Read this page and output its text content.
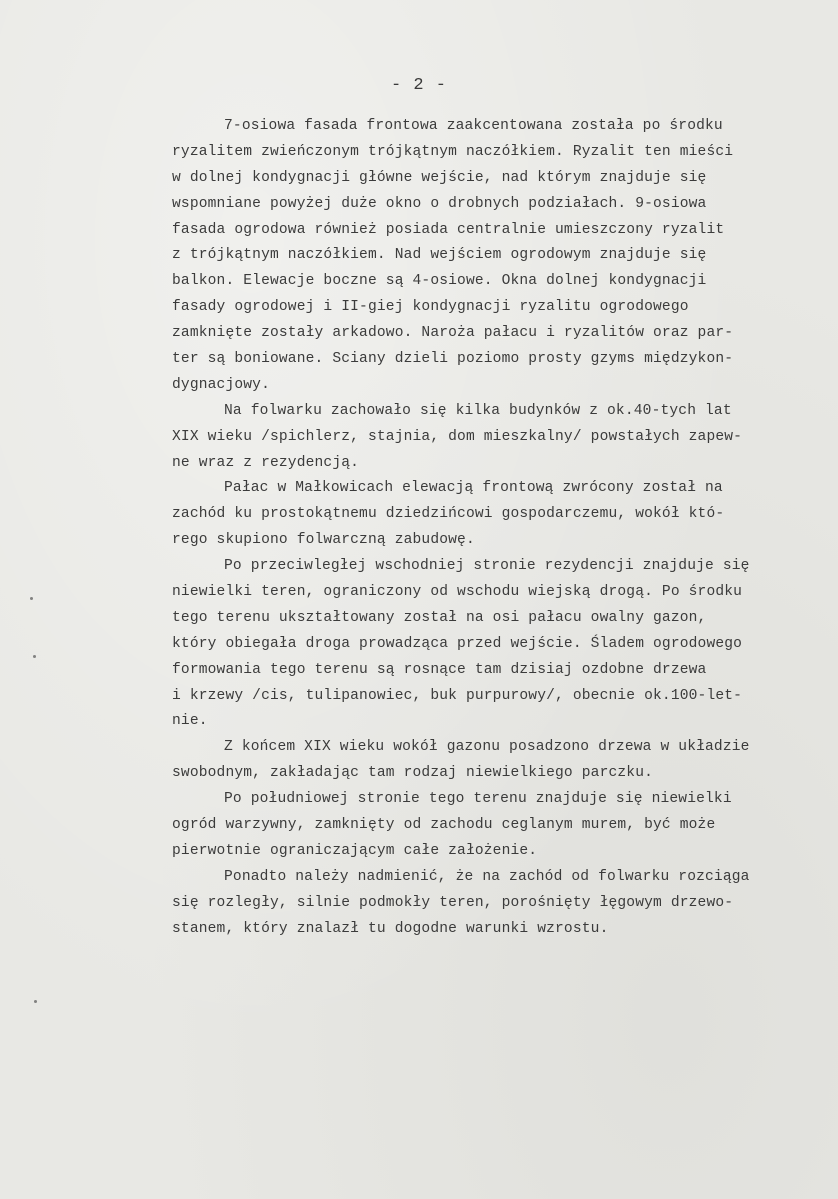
- 2 -

7-osiowa fasada frontowa zaakcentowana została po środku
ryzalitem zwieńczonym trójkątnym naczółkiem. Ryzalit ten mieści
w dolnej kondygnacji główne wejście, nad którym znajduje się
wspomniane powyżej duże okno o drobnych podziałach. 9-osiowa
fasada ogrodowa również posiada centralnie umieszczony ryzalit
z trójkątnym naczółkiem. Nad wejściem ogrodowym znajduje się
balkon. Elewacje boczne są 4-osiowe. Okna dolnej kondygnacji
fasady ogrodowej i II-giej kondygnacji ryzalitu ogrodowego
zamknięte zostały arkadowo. Naroża pałacu i ryzalitów oraz par-
ter są boniowane. Sciany dzieli poziomo prosty gzyms międzykon-
dygnacjowy.

Na folwarku zachowało się kilka budynków z ok.40-tych lat
XIX wieku /spichlerz, stajnia, dom mieszkalny/ powstałych zapew-
ne wraz z rezydencją.

Pałac w Małkowicach elewacją frontową zwrócony został na
zachód ku prostokątnemu dziedzińcowi gospodarczemu, wokół któ-
rego skupiono folwarczną zabudowę.

Po przeciwległej wschodniej stronie rezydencji znajduje się
niewielki teren, ograniczony od wschodu wiejską drogą. Po środku
tego terenu ukształtowany został na osi pałacu owalny gazon,
który obiegała droga prowadząca przed wejście. Śladem ogrodowego
formowania tego terenu są rosnące tam dzisiaj ozdobne drzewa
i krzewy /cis, tulipanowiec, buk purpurowy/, obecnie ok.100-let-
nie.

Z końcem XIX wieku wokół gazonu posadzono drzewa w układzie
swobodnym, zakładając tam rodzaj niewielkiego parczku.

Po południowej stronie tego terenu znajduje się niewielki
ogród warzywny, zamknięty od zachodu ceglanym murem, być może
pierwotnie ograniczającym całe założenie.

Ponadto należy nadmienić, że na zachód od folwarku rozciąga
się rozległy, silnie podmokły teren, porośnięty łęgowym drzewo-
stanem, który znalazł tu dogodne warunki wzrostu.
